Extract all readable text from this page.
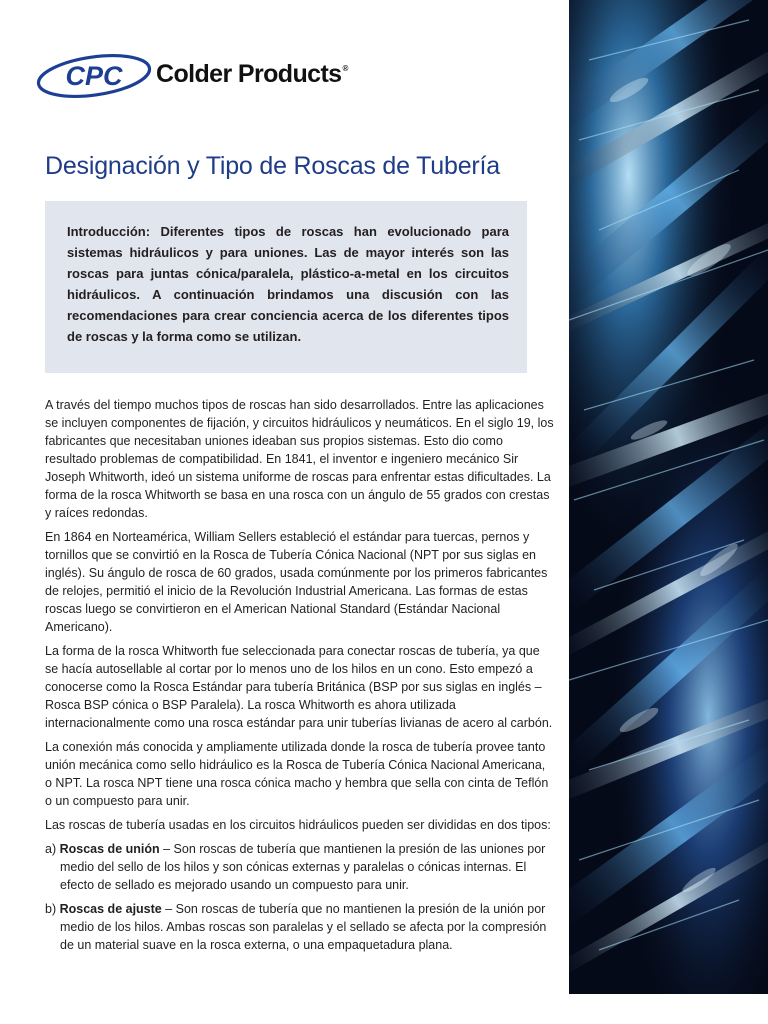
CPC Colder Products®
Designación y Tipo de Roscas de Tubería

Introducción: Diferentes tipos de roscas han evolucionado para sistemas hidráulicos y para uniones. Las de mayor interés son las roscas para juntas cónica/paralela, plástico-a-metal en los circuitos hidráulicos. A continuación brindamos una discusión con las recomendaciones para crear conciencia acerca de los diferentes tipos de roscas y la forma como se utilizan.

A través del tiempo muchos tipos de roscas han sido desarrollados. Entre las aplicaciones se incluyen componentes de fijación, y circuitos hidráulicos y neumáticos. En el siglo 19, los fabricantes que necesitaban uniones ideaban sus propios sistemas. Esto dio como resultado problemas de compatibilidad. En 1841, el inventor e ingeniero mecánico Sir Joseph Whitworth, ideó un sistema uniforme de roscas para enfrentar estas dificultades. La forma de la rosca Whitworth se basa en una rosca con un ángulo de 55 grados con crestas y raíces redondas.

En 1864 en Norteamérica, William Sellers estableció el estándar para tuercas, pernos y tornillos que se convirtió en la Rosca de Tubería Cónica Nacional (NPT por sus siglas en inglés). Su ángulo de rosca de 60 grados, usada comúnmente por los primeros fabricantes de relojes, permitió el inicio de la Revolución Industrial Americana. Las formas de estas roscas luego se convirtieron en el American National Standard (Estándar Nacional Americano).

La forma de la rosca Whitworth fue seleccionada para conectar roscas de tubería, ya que se hacía autosellable al cortar por lo menos uno de los hilos en un cono. Esto empezó a conocerse como la Rosca Estándar para tubería Británica (BSP por sus siglas en inglés – Rosca BSP cónica o BSP Paralela). La rosca Whitworth es ahora utilizada internacionalmente como una rosca estándar para unir tuberías livianas de acero al carbón.

La conexión más conocida y ampliamente utilizada donde la rosca de tubería provee tanto unión mecánica como sello hidráulico es la Rosca de Tubería Cónica Nacional Americana, o NPT. La rosca NPT tiene una rosca cónica macho y hembra que sella con cinta de Teflón o un compuesto para unir.

Las roscas de tubería usadas en los circuitos hidráulicos pueden ser divididas en dos tipos:

a) Roscas de unión – Son roscas de tubería que mantienen la presión de las uniones por medio del sello de los hilos y son cónicas externas y paralelas o cónicas internas. El efecto de sellado es mejorado usando un compuesto para unir.
b) Roscas de ajuste – Son roscas de tubería que no mantienen la presión de la unión por medio de los hilos. Ambas roscas son paralelas y el sellado se afecta por la compresión de un material suave en la rosca externa, o una empaquetadura plana.
